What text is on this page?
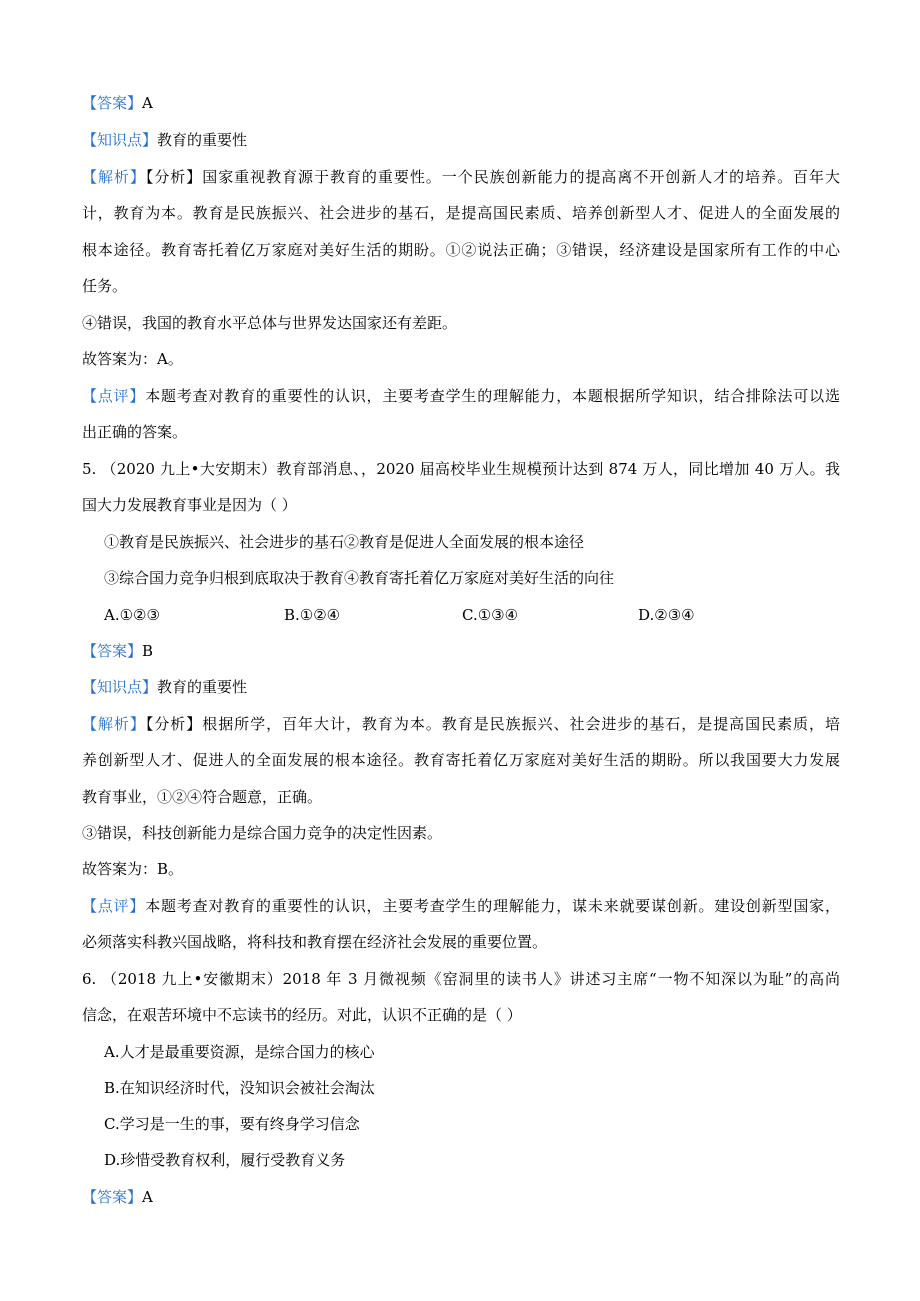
【答案】A
【知识点】教育的重要性
【解析】【分析】国家重视教育源于教育的重要性。一个民族创新能力的提高离不开创新人才的培养。百年大
计，教育为本。教育是民族振兴、社会进步的基石，是提高国民素质、培养创新型人才、促进人的全面发展的
根本途径。教育寄托着亿万家庭对美好生活的期盼。①②说法正确；③错误，经济建设是国家所有工作的中心
任务。
④错误，我国的教育水平总体与世界发达国家还有差距。
故答案为：A。
【点评】本题考查对教育的重要性的认识，主要考查学生的理解能力，本题根据所学知识，结合排除法可以选
出正确的答案。
5. （2020 九上•大安期末）教育部消息、，2020 届高校毕业生规模预计达到 874 万人，同比增加 40 万人。我
国大力发展教育事业是因为（ ）
①教育是民族振兴、社会进步的基石②教育是促进人全面发展的根本途径
③综合国力竞争归根到底取决于教育④教育寄托着亿万家庭对美好生活的向往
A.①②③	B.①②④	C.①③④	D.②③④
【答案】B
【知识点】教育的重要性
【解析】【分析】根据所学，百年大计，教育为本。教育是民族振兴、社会进步的基石，是提高国民素质，培
养创新型人才、促进人的全面发展的根本途径。教育寄托着亿万家庭对美好生活的期盼。所以我国要大力发展
教育事业，①②④符合题意，正确。
③错误，科技创新能力是综合国力竞争的决定性因素。
故答案为：B。
【点评】本题考查对教育的重要性的认识，主要考查学生的理解能力，谋未来就要谋创新。建设创新型国家，
必须落实科教兴国战略，将科技和教育摆在经济社会发展的重要位置。
6. （2018 九上•安徽期末）2018 年 3 月微视频《窑洞里的读书人》讲述习主席“一物不知深以为耻”的高尚
信念，在艰苦环境中不忘读书的经历。对此，认识不正确的是（ ）
A.人才是最重要资源，是综合国力的核心
B.在知识经济时代，没知识会被社会淘汰
C.学习是一生的事，要有终身学习信念
D.珍惜受教育权利，履行受教育义务
【答案】A
